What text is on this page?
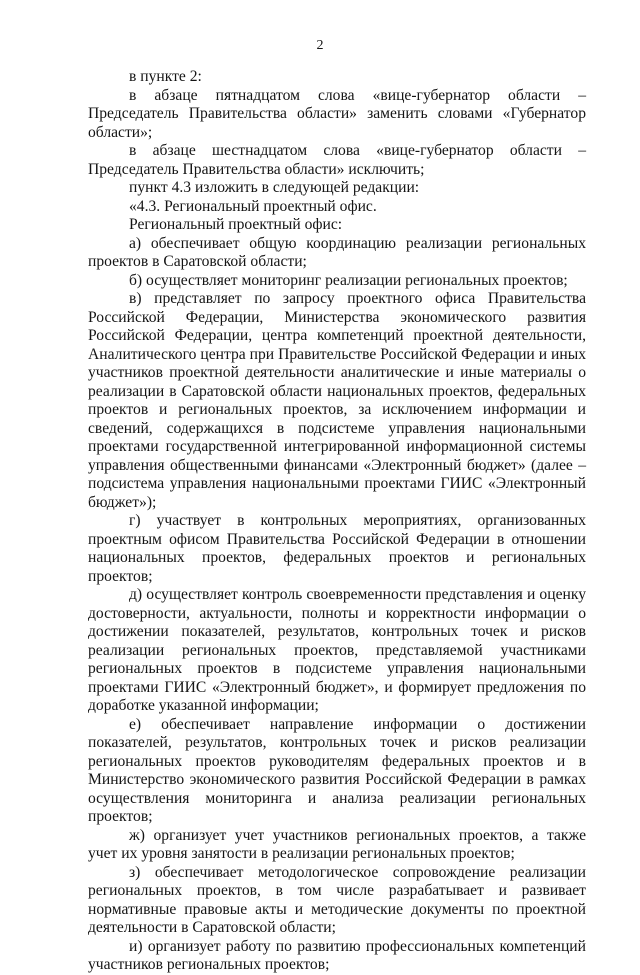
2

в пункте 2:

в абзаце пятнадцатом слова «вице-губернатор области – Председатель Правительства области» заменить словами «Губернатор области»;

в абзаце шестнадцатом слова «вице-губернатор области – Председатель Правительства области» исключить;

пункт 4.3 изложить в следующей редакции:

«4.3. Региональный проектный офис.

Региональный проектный офис:

а) обеспечивает общую координацию реализации региональных проектов в Саратовской области;

б) осуществляет мониторинг реализации региональных проектов;

в) представляет по запросу проектного офиса Правительства Российской Федерации, Министерства экономического развития Российской Федерации, центра компетенций проектной деятельности, Аналитического центра при Правительстве Российской Федерации и иных участников проектной деятельности аналитические и иные материалы о реализации в Саратовской области национальных проектов, федеральных проектов и региональных проектов, за исключением информации и сведений, содержащихся в подсистеме управления национальными проектами государственной интегрированной информационной системы управления общественными финансами «Электронный бюджет» (далее – подсистема управления национальными проектами ГИИС «Электронный бюджет»);

г) участвует в контрольных мероприятиях, организованных проектным офисом Правительства Российской Федерации в отношении национальных проектов, федеральных проектов и региональных проектов;

д) осуществляет контроль своевременности представления и оценку достоверности, актуальности, полноты и корректности информации о достижении показателей, результатов, контрольных точек и рисков реализации региональных проектов, представляемой участниками региональных проектов в подсистеме управления национальными проектами ГИИС «Электронный бюджет», и формирует предложения по доработке указанной информации;

е) обеспечивает направление информации о достижении показателей, результатов, контрольных точек и рисков реализации региональных проектов руководителям федеральных проектов и в Министерство экономического развития Российской Федерации в рамках осуществления мониторинга и анализа реализации региональных проектов;

ж) организует учет участников региональных проектов, а также учет их уровня занятости в реализации региональных проектов;

з) обеспечивает методологическое сопровождение реализации региональных проектов, в том числе разрабатывает и развивает нормативные правовые акты и методические документы по проектной деятельности в Саратовской области;

и) организует работу по развитию профессиональных компетенций участников региональных проектов;
